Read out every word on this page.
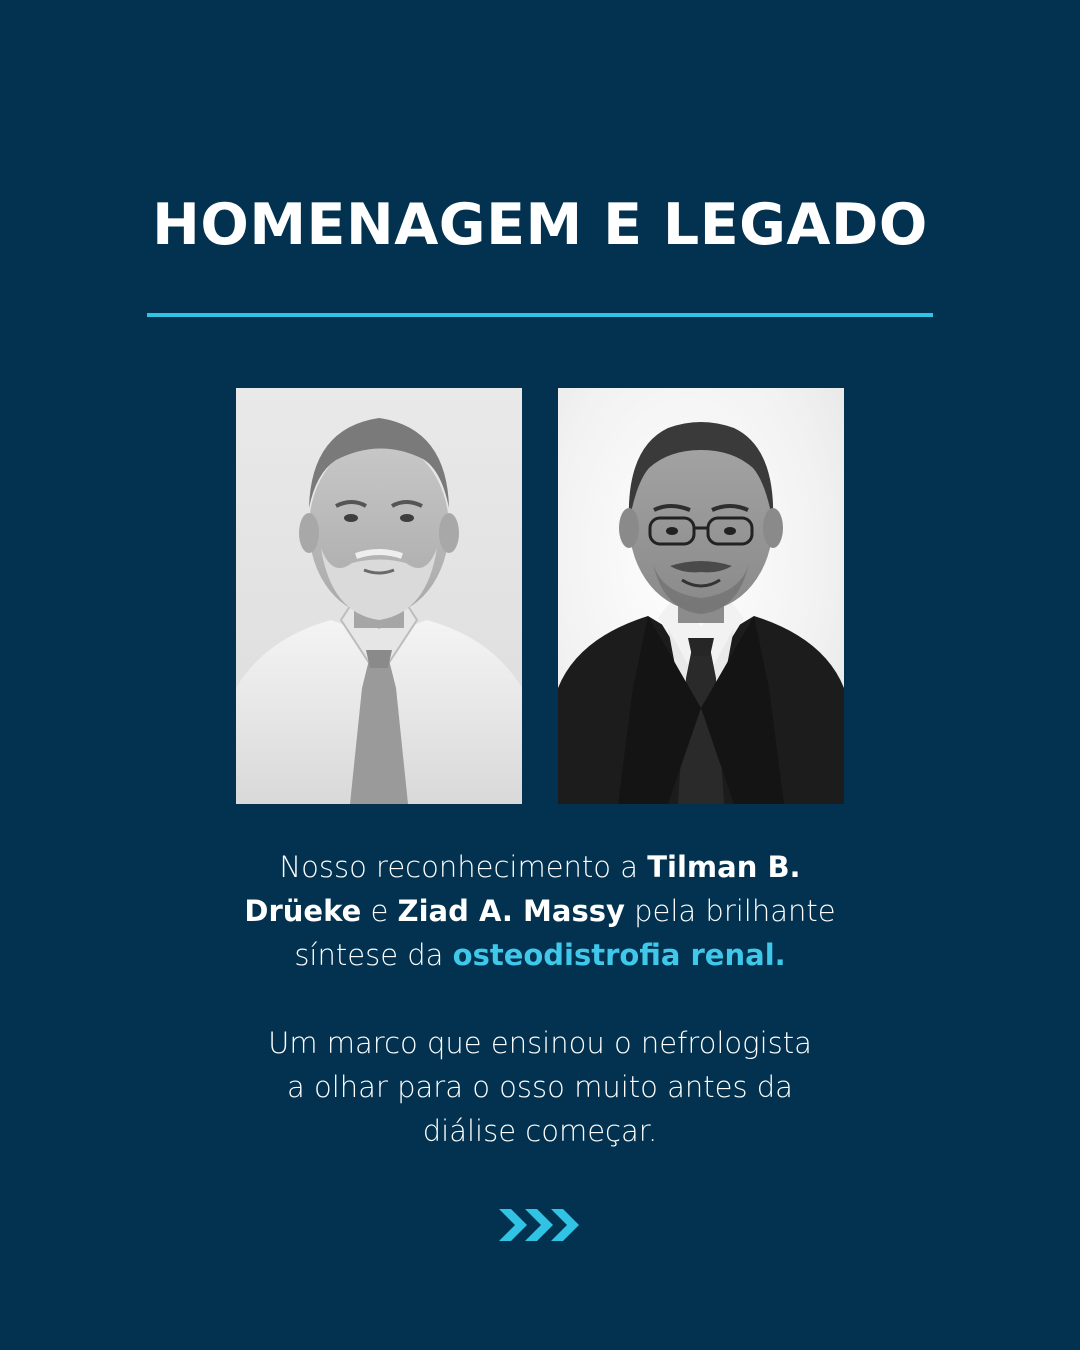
HOMENAGEM E LEGADO
Nosso reconhecimento a Tilman B.
Drüeke e Ziad A. Massy pela brilhante
síntese da osteodistrofia renal.
Um marco que ensinou o nefrologista
a olhar para o osso muito antes da
diálise começar.
